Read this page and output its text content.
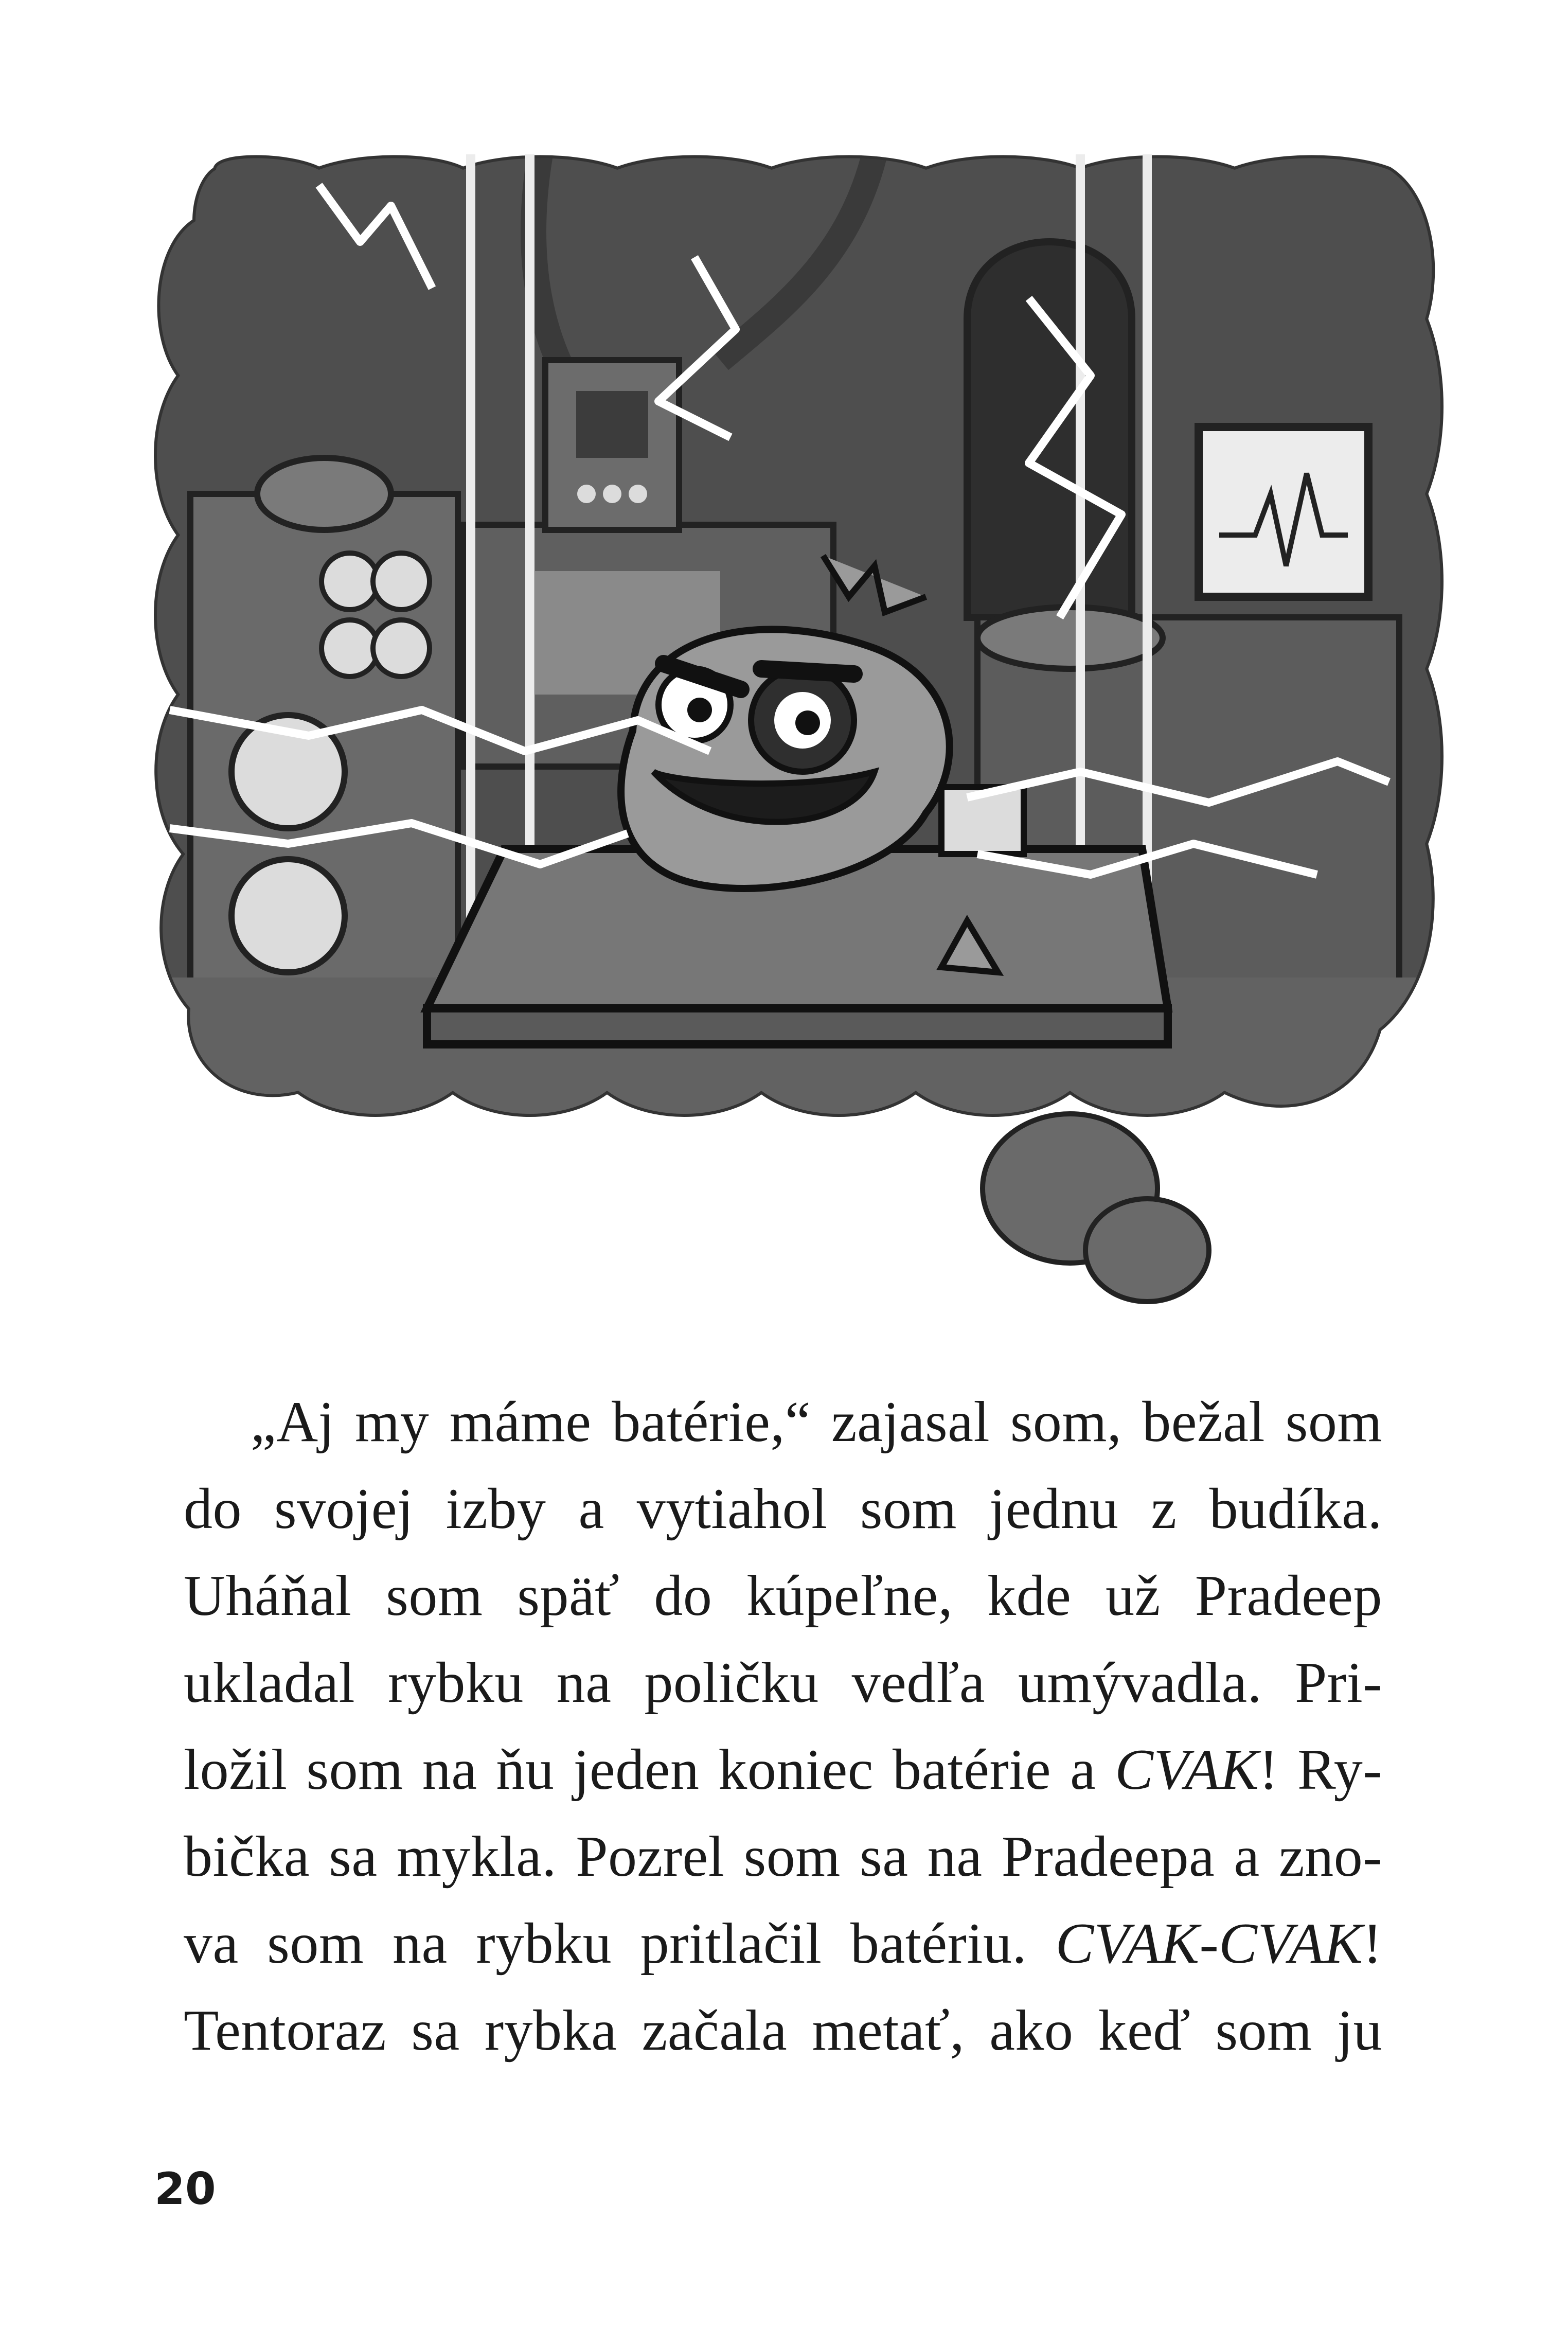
„Aj my máme batérie,“ zajasal som, bežal som
do svojej izby a vytiahol som jednu z budíka.
Uháňal som späť do kúpeľne, kde už Pradeep
ukladal rybku na poličku vedľa umývadla. Pri-
ložil som na ňu jeden koniec batérie a CVAK! Ry-
bička sa mykla. Pozrel som sa na Pradeepa a zno-
va som na rybku pritlačil batériu. CVAK-CVAK!
Tentoraz sa rybka začala metať, ako keď som ju
20
